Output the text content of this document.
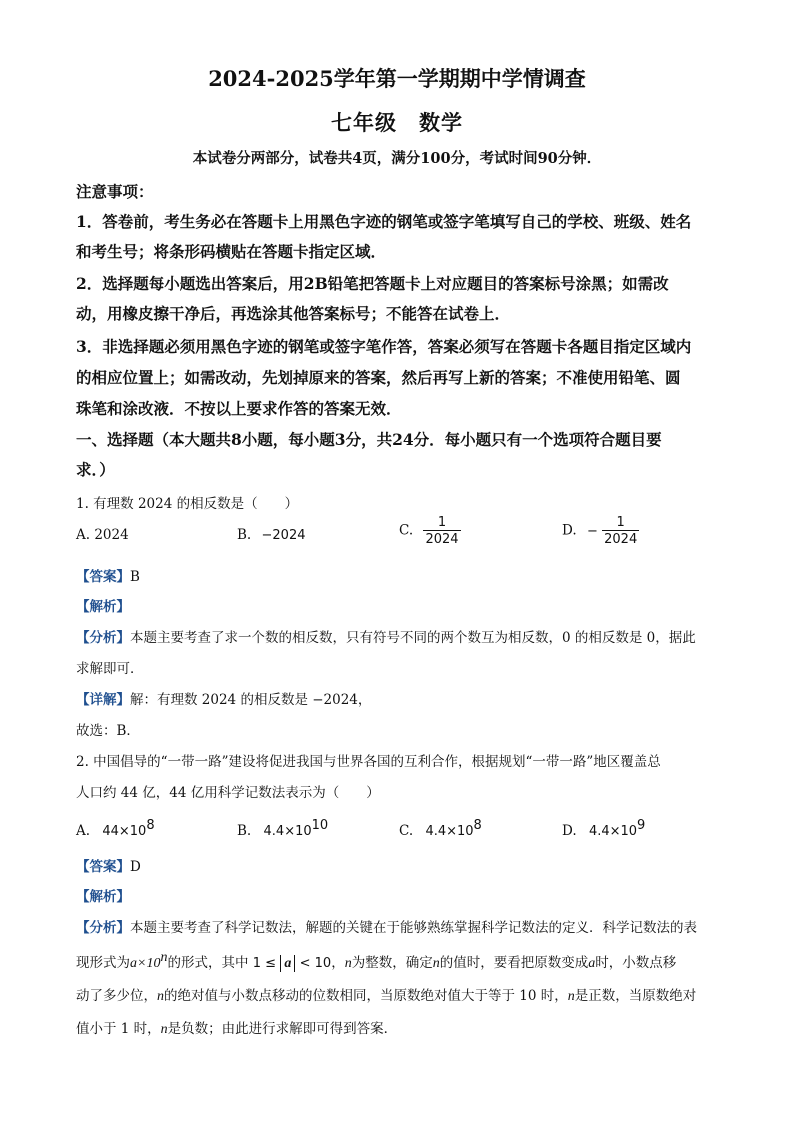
2024-2025学年第一学期期中学情调查
七年级　数学
本试卷分两部分，试卷共4页，满分100分，考试时间90分钟．
注意事项：
1．答卷前，考生务必在答题卡上用黑色字迹的钢笔或签字笔填写自己的学校、班级、姓名
和考生号；将条形码横贴在答题卡指定区域．
2．选择题每小题选出答案后，用2B铅笔把答题卡上对应题目的答案标号涂黑；如需改
动，用橡皮擦干净后，再选涂其他答案标号；不能答在试卷上．
3．非选择题必须用黑色字迹的钢笔或签字笔作答，答案必须写在答题卡各题目指定区域内
的相应位置上；如需改动，先划掉原来的答案，然后再写上新的答案；不准使用铅笔、圆
珠笔和涂改液．不按以上要求作答的答案无效．
一、选择题（本大题共8小题，每小题3分，共24分．每小题只有一个选项符合题目要
求．）
1. 有理数 2024 的相反数是（　　）
A. 2024	B. −2024	C. $\frac{1}{2024}$	D. − $\frac{1}{2024}$
【答案】B
【解析】
【分析】本题主要考查了求一个数的相反数，只有符号不同的两个数互为相反数，0 的相反数是 0，据此
求解即可．
【详解】解：有理数 2024 的相反数是 −2024，
故选：B．
2. 中国倡导的“一带一路”建设将促进我国与世界各国的互利合作，根据规划“一带一路”地区覆盖总
人口约 44 亿，44 亿用科学记数法表示为（　　）
A. $44\times 10^8$	B. $4.4\times 10^{10}$	C. $4.4\times 10^8$	D. $4.4\times 10^9$
【答案】D
【解析】
【分析】本题主要考查了科学记数法，解题的关键在于能够熟练掌握科学记数法的定义．科学记数法的表
现形式为$a\times 10^n$的形式，其中 1 ≤ a < 10，n为整数，确定n的值时，要看把原数变成a时，小数点移
动了多少位，n的绝对值与小数点移动的位数相同，当原数绝对值大于等于 10 时，n是正数，当原数绝对
值小于 1 时，n是负数；由此进行求解即可得到答案．
